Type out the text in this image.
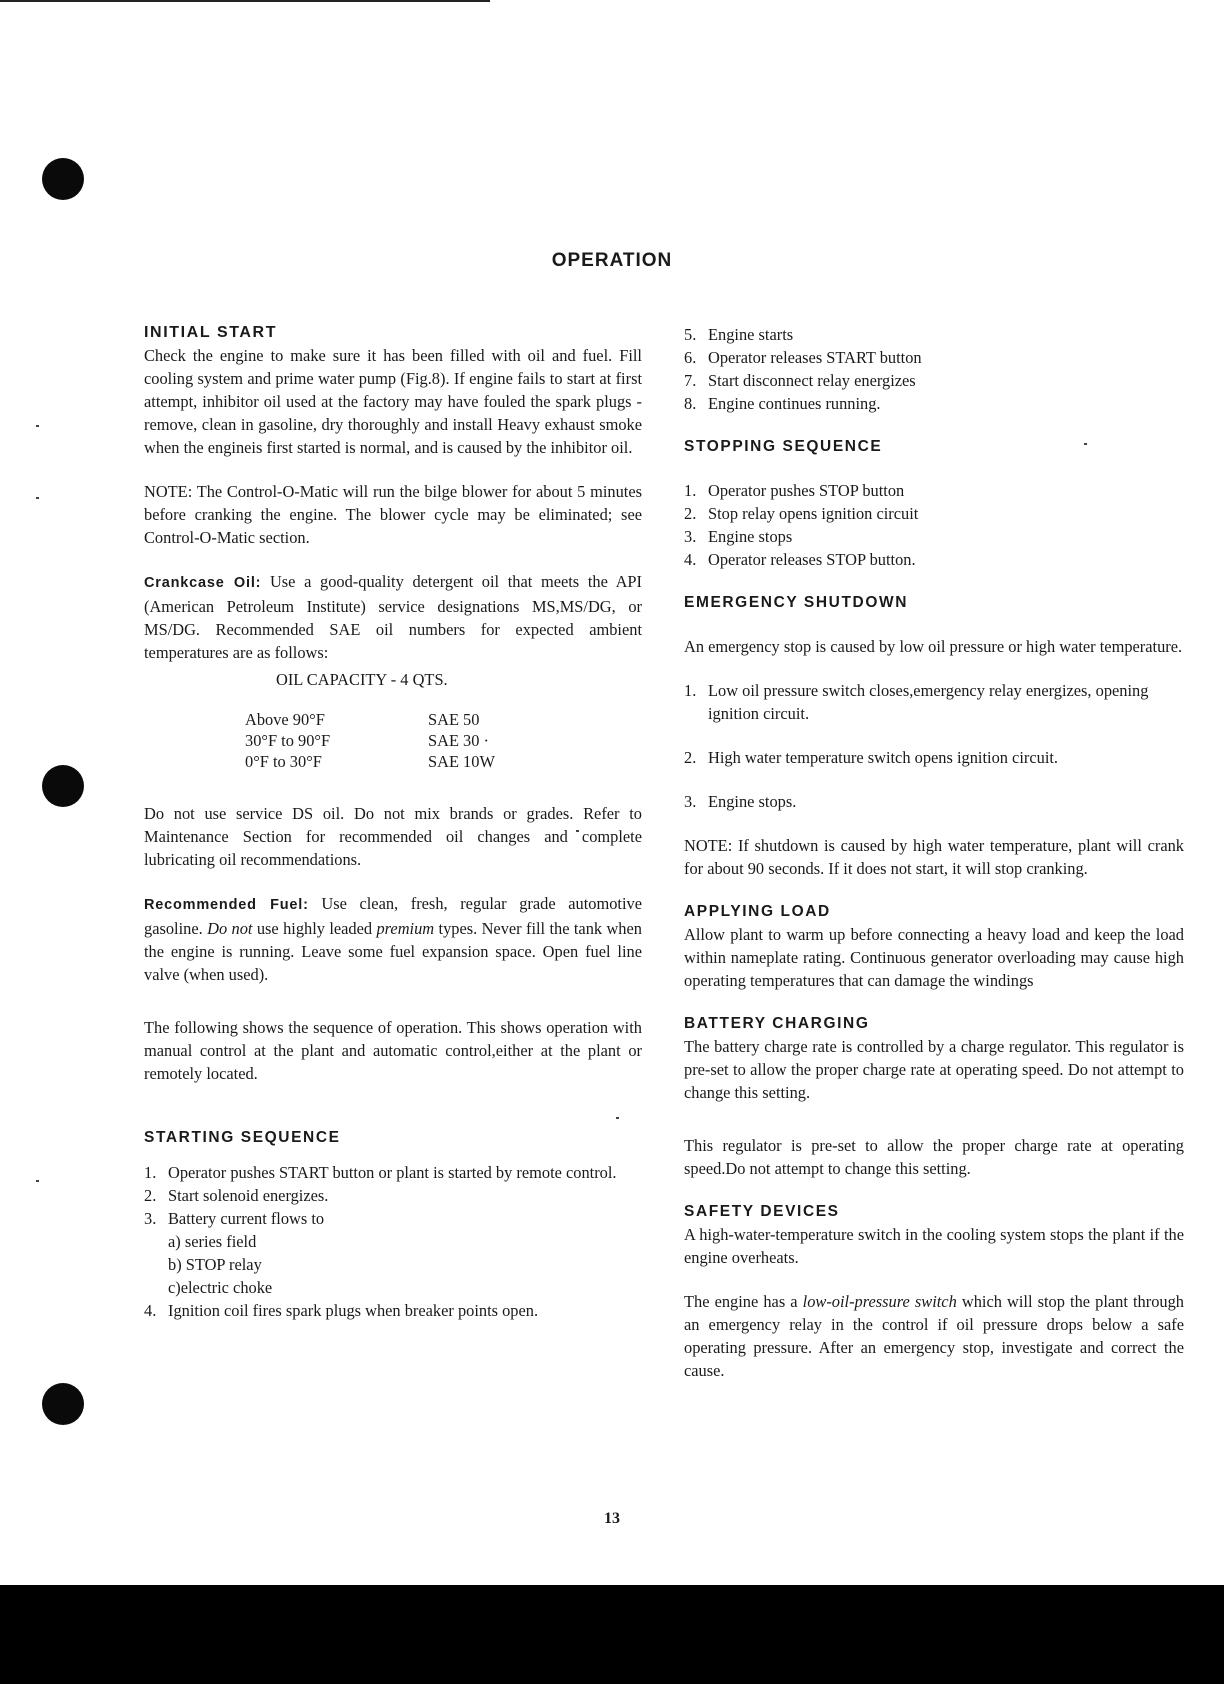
OPERATION
INITIAL START

Check the engine to make sure it has been filled with oil and fuel. Fill cooling system and prime water pump (Fig.8). If engine fails to start at first attempt, inhibitor oil used at the factory may have fouled the spark plugs - remove, clean in gasoline, dry thoroughly and install Heavy exhaust smoke when the engineis first started is normal, and is caused by the inhibitor oil.

NOTE: The Control-O-Matic will run the bilge blower for about 5 minutes before cranking the engine. The blower cycle may be eliminated; see Control-O-Matic section.

Crankcase Oil: Use a good-quality detergent oil that meets the API (American Petroleum Institute) service designations MS,MS/DG, or MS/DG. Recommended SAE oil numbers for expected ambient temperatures are as follows:

OIL CAPACITY - 4 QTS.

Above 90°F	SAE 50
30°F to 90°F	SAE 30 ·
0°F to 30°F	SAE 10W

Do not use service DS oil. Do not mix brands or grades. Refer to Maintenance Section for recommended oil changes and complete lubricating oil recommendations.

Recommended Fuel: Use clean, fresh, regular grade automotive gasoline. Do not use highly leaded premium types. Never fill the tank when the engine is running. Leave some fuel expansion space. Open fuel line valve (when used).

The following shows the sequence of operation. This shows operation with manual control at the plant and automatic control,either at the plant or remotely located.

STARTING SEQUENCE
1. Operator pushes START button or plant is started by remote control.
2. Start solenoid energizes.
3. Battery current flows to
a) series field
b) STOP relay
c)electric choke
4. Ignition coil fires spark plugs when breaker points open.
5. Engine starts
6. Operator releases START button
7. Start disconnect relay energizes
8. Engine continues running.
STOPPING SEQUENCE
1. Operator pushes STOP button
2. Stop relay opens ignition circuit
3. Engine stops
4. Operator releases STOP button.
EMERGENCY SHUTDOWN

An emergency stop is caused by low oil pressure or high water temperature.

1. Low oil pressure switch closes,emergency relay energizes, opening ignition circuit.
2. High water temperature switch opens ignition circuit.
3. Engine stops.

NOTE: If shutdown is caused by high water temperature, plant will crank for about 90 seconds. If it does not start, it will stop cranking.

APPLYING LOAD

Allow plant to warm up before connecting a heavy load and keep the load within nameplate rating. Continuous generator overloading may cause high operating temperatures that can damage the windings

BATTERY CHARGING

The battery charge rate is controlled by a charge regulator. This regulator is pre-set to allow the proper charge rate at operating speed. Do not attempt to change this setting.

This regulator is pre-set to allow the proper charge rate at operating speed.Do not attempt to change this setting.

SAFETY DEVICES

A high-water-temperature switch in the cooling system stops the plant if the engine overheats.

The engine has a low-oil-pressure switch which will stop the plant through an emergency relay in the control if oil pressure drops below a safe operating pressure. After an emergency stop, investigate and correct the cause.

13
